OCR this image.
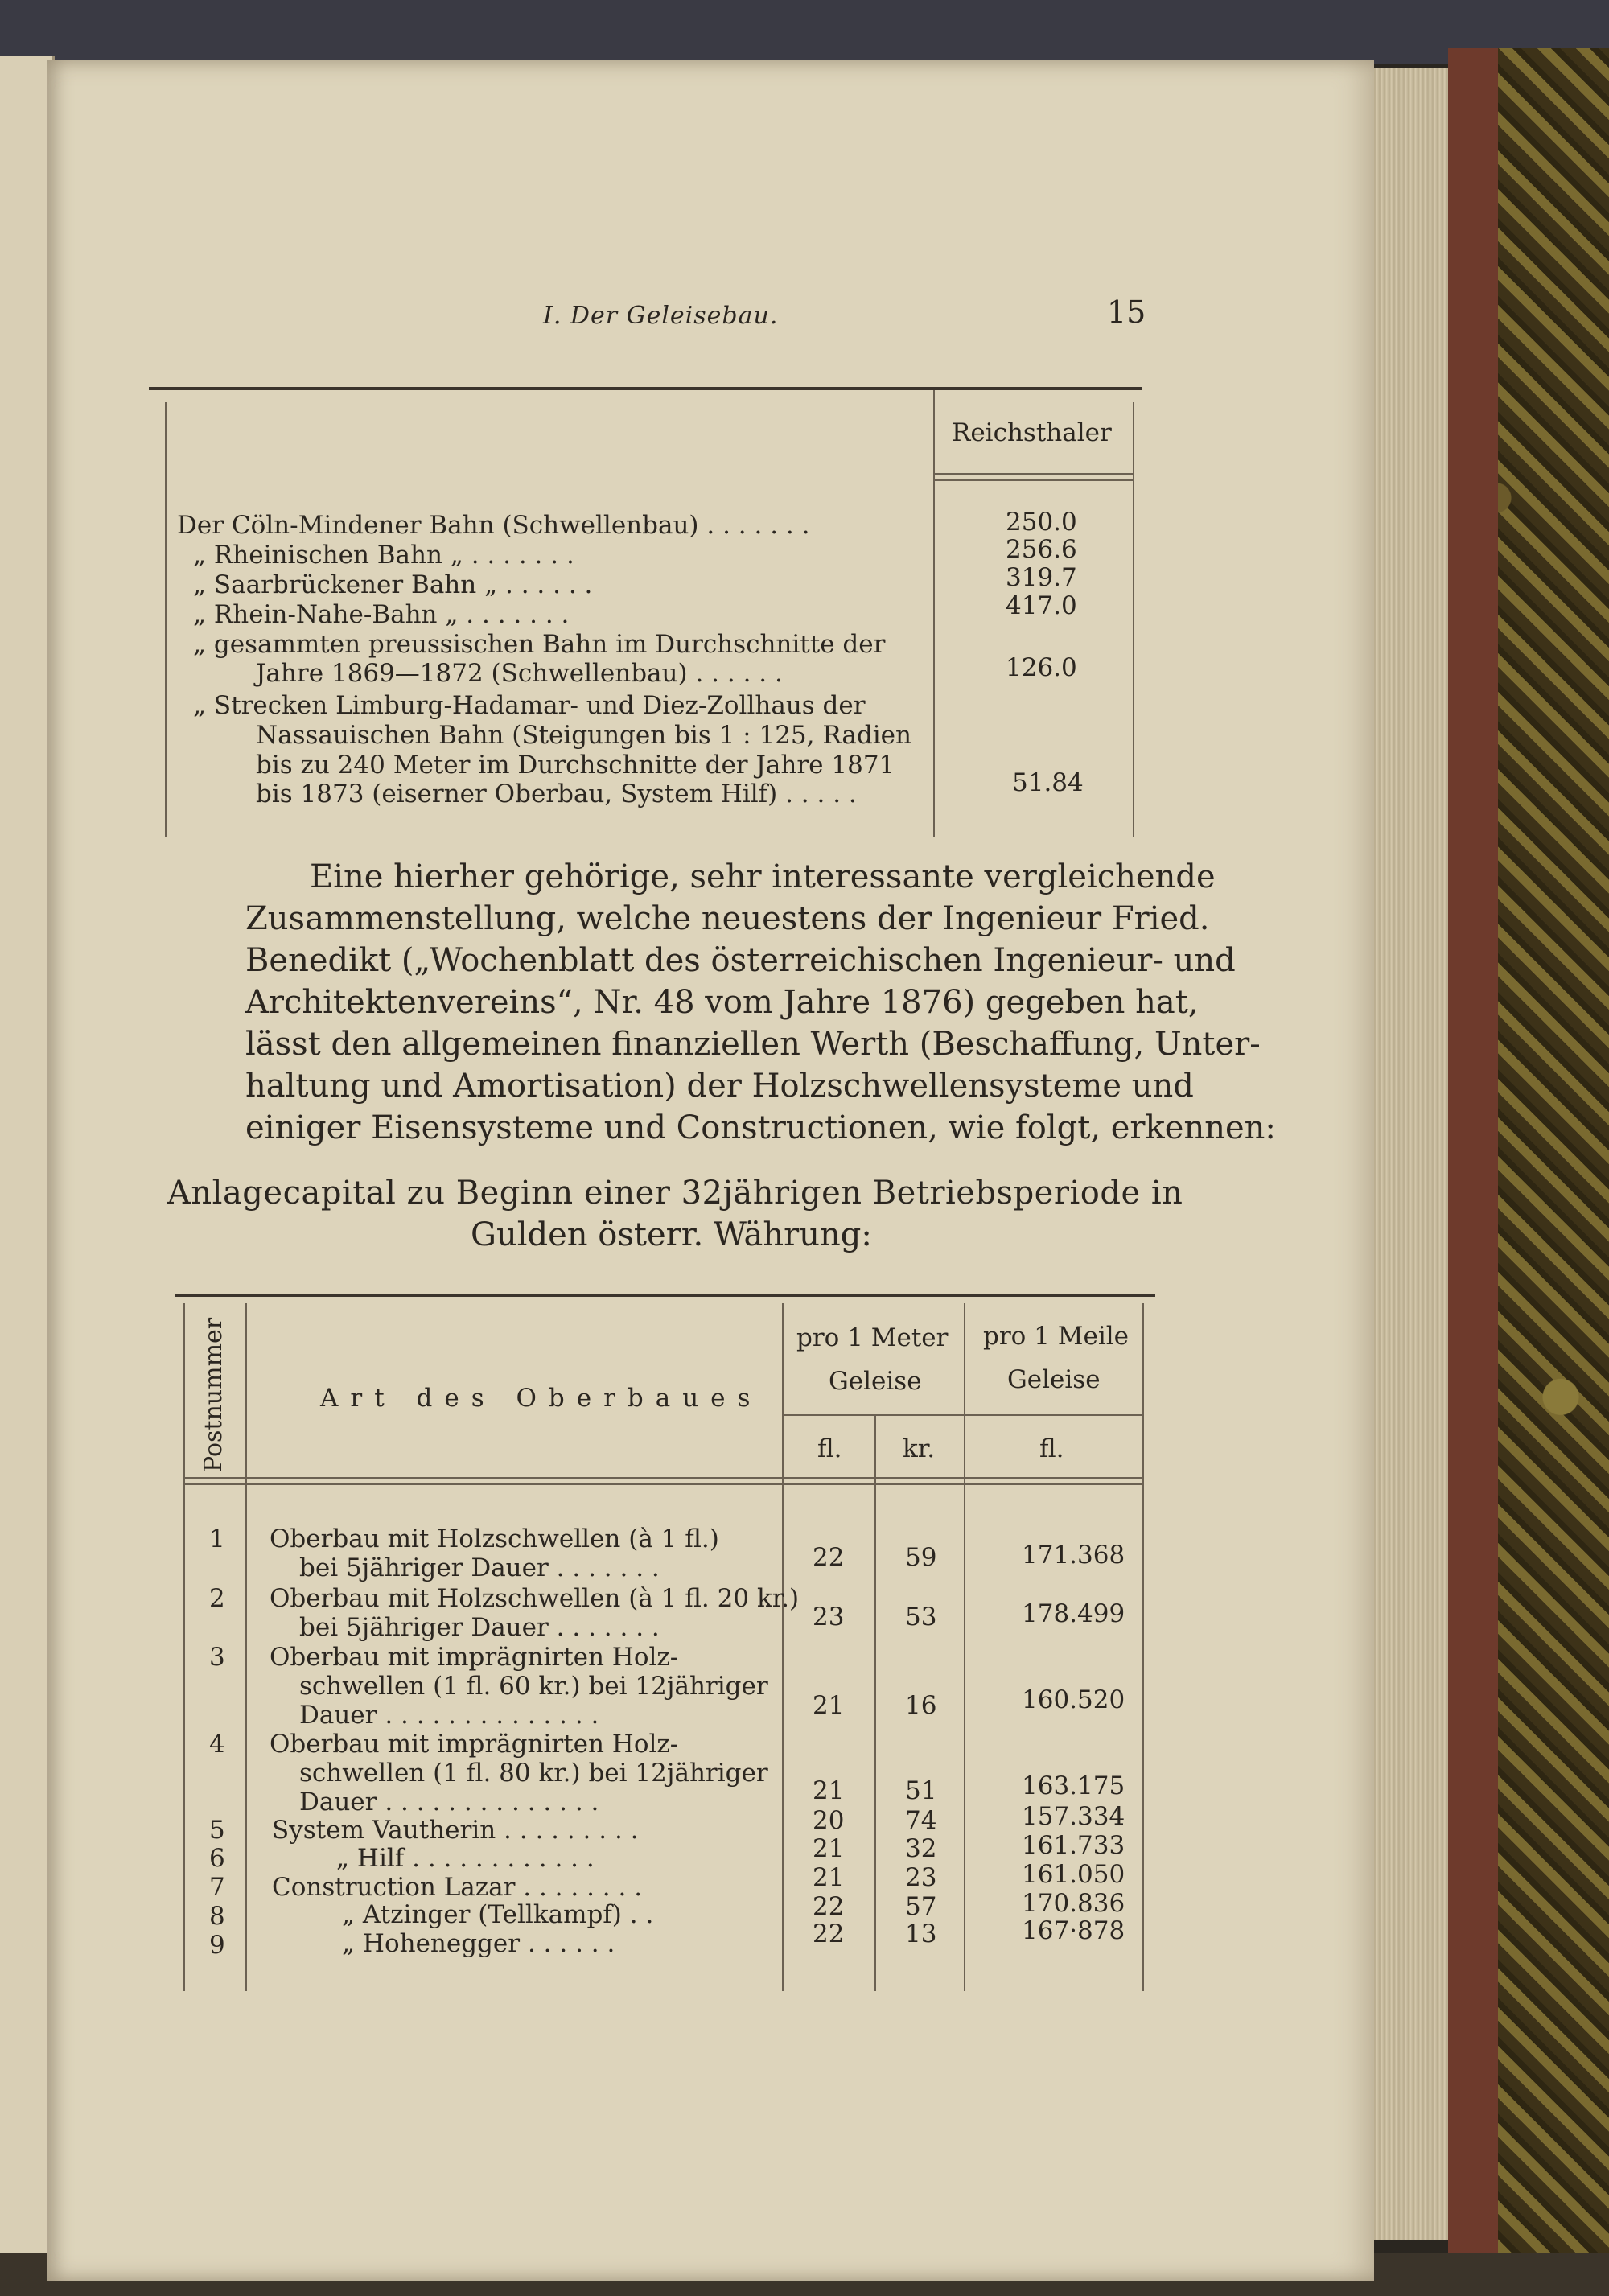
I. Der Geleisebau.	15
Reichsthaler
Der Cöln-Mindener Bahn (Schwellenbau) . . . . . . .	250.0
„ Rheinischen Bahn „ . . . . . . .	256.6
„ Saarbrückener Bahn „ . . . . . .	319.7
„ Rhein-Nahe-Bahn „ . . . . . . .	417.0
„ gesammten preussischen Bahn im Durchschnitte der
Jahre 1869—1872 (Schwellenbau) . . . . . .	126.0
„ Strecken Limburg-Hadamar- und Diez-Zollhaus der
Nassauischen Bahn (Steigungen bis 1 : 125, Radien
bis zu 240 Meter im Durchschnitte der Jahre 1871
bis 1873 (eiserner Oberbau, System Hilf) . . . . .	51.84
Eine hierher gehörige, sehr interessante vergleichende
Zusammenstellung, welche neuestens der Ingenieur Fried.
Benedikt („Wochenblatt des österreichischen Ingenieur- und
Architektenvereins“, Nr. 48 vom Jahre 1876) gegeben hat,
lässt den allgemeinen finanziellen Werth (Beschaffung, Unter-
haltung und Amortisation) der Holzschwellensysteme und
einiger Eisensysteme und Constructionen, wie folgt, erkennen:
Anlagecapital zu Beginn einer 32jährigen Betriebsperiode in
Gulden österr. Währung:
Postnummer	Art des Oberbaues
pro 1 Meter
Geleise
pro 1 Meile
Geleise
fl. kr.	fl.
1 Oberbau mit Holzschwellen (à 1 fl.)
bei 5jähriger Dauer . . . . . . .	22 59	171.368
2 Oberbau mit Holzschwellen (à 1 fl. 20 kr.)
bei 5jähriger Dauer . . . . . . .	23 53	178.499
3 Oberbau mit imprägnirten Holz-
schwellen (1 fl. 60 kr.) bei 12jähriger
Dauer . . . . . . . . . . . . . .	21 16	160.520
4 Oberbau mit imprägnirten Holz-
schwellen (1 fl. 80 kr.) bei 12jähriger
Dauer . . . . . . . . . . . . . .	21 51	163.175
5 System Vautherin . . . . . . . . .	20 74	157.334
6	„ Hilf . . . . . . . . . . . .	21 32	161.733
7 Construction Lazar . . . . . . . .	21 23	161.050
8	„ Atzinger (Tellkampf) . .	22 57	170.836
9	„ Hohenegger . . . . . .	22 13	167·878
